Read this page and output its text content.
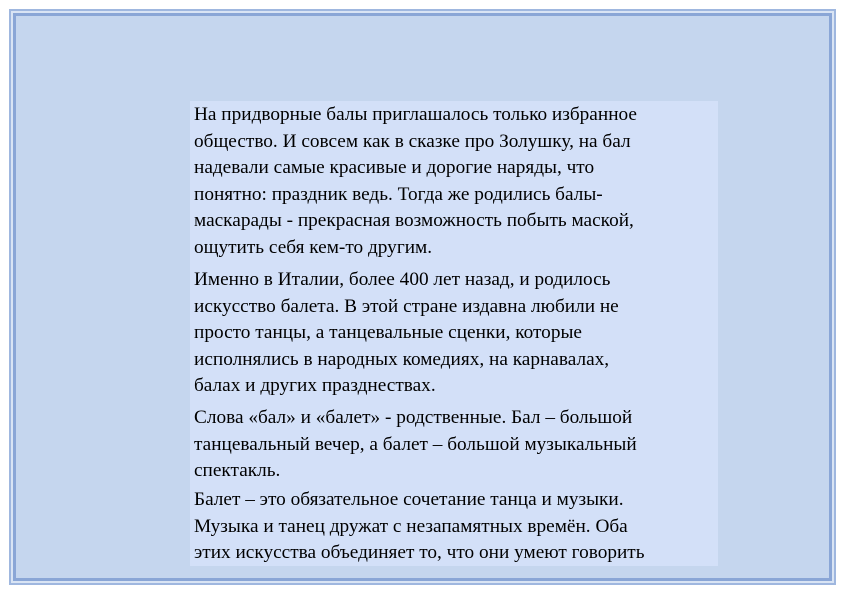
На придворные балы приглашалось только избранное
общество. И совсем как в сказке про Золушку, на бал
надевали самые красивые и дорогие наряды, что
понятно: праздник ведь. Тогда же родились балы-
маскарады - прекрасная возможность побыть маской,
ощутить себя кем-то другим.

Именно в Италии, более 400 лет назад, и родилось
искусство балета. В этой стране издавна любили не
просто танцы, а танцевальные сценки, которые
исполнялись в народных комедиях, на карнавалах,
балах и других празднествах.

Слова «бал» и «балет» - родственные. Бал – большой
танцевальный вечер, а балет – большой музыкальный
спектакль.

Балет – это обязательное сочетание танца и музыки.
Музыка и танец дружат с незапамятных времён. Оба
этих искусства объединяет то, что они умеют говорить
